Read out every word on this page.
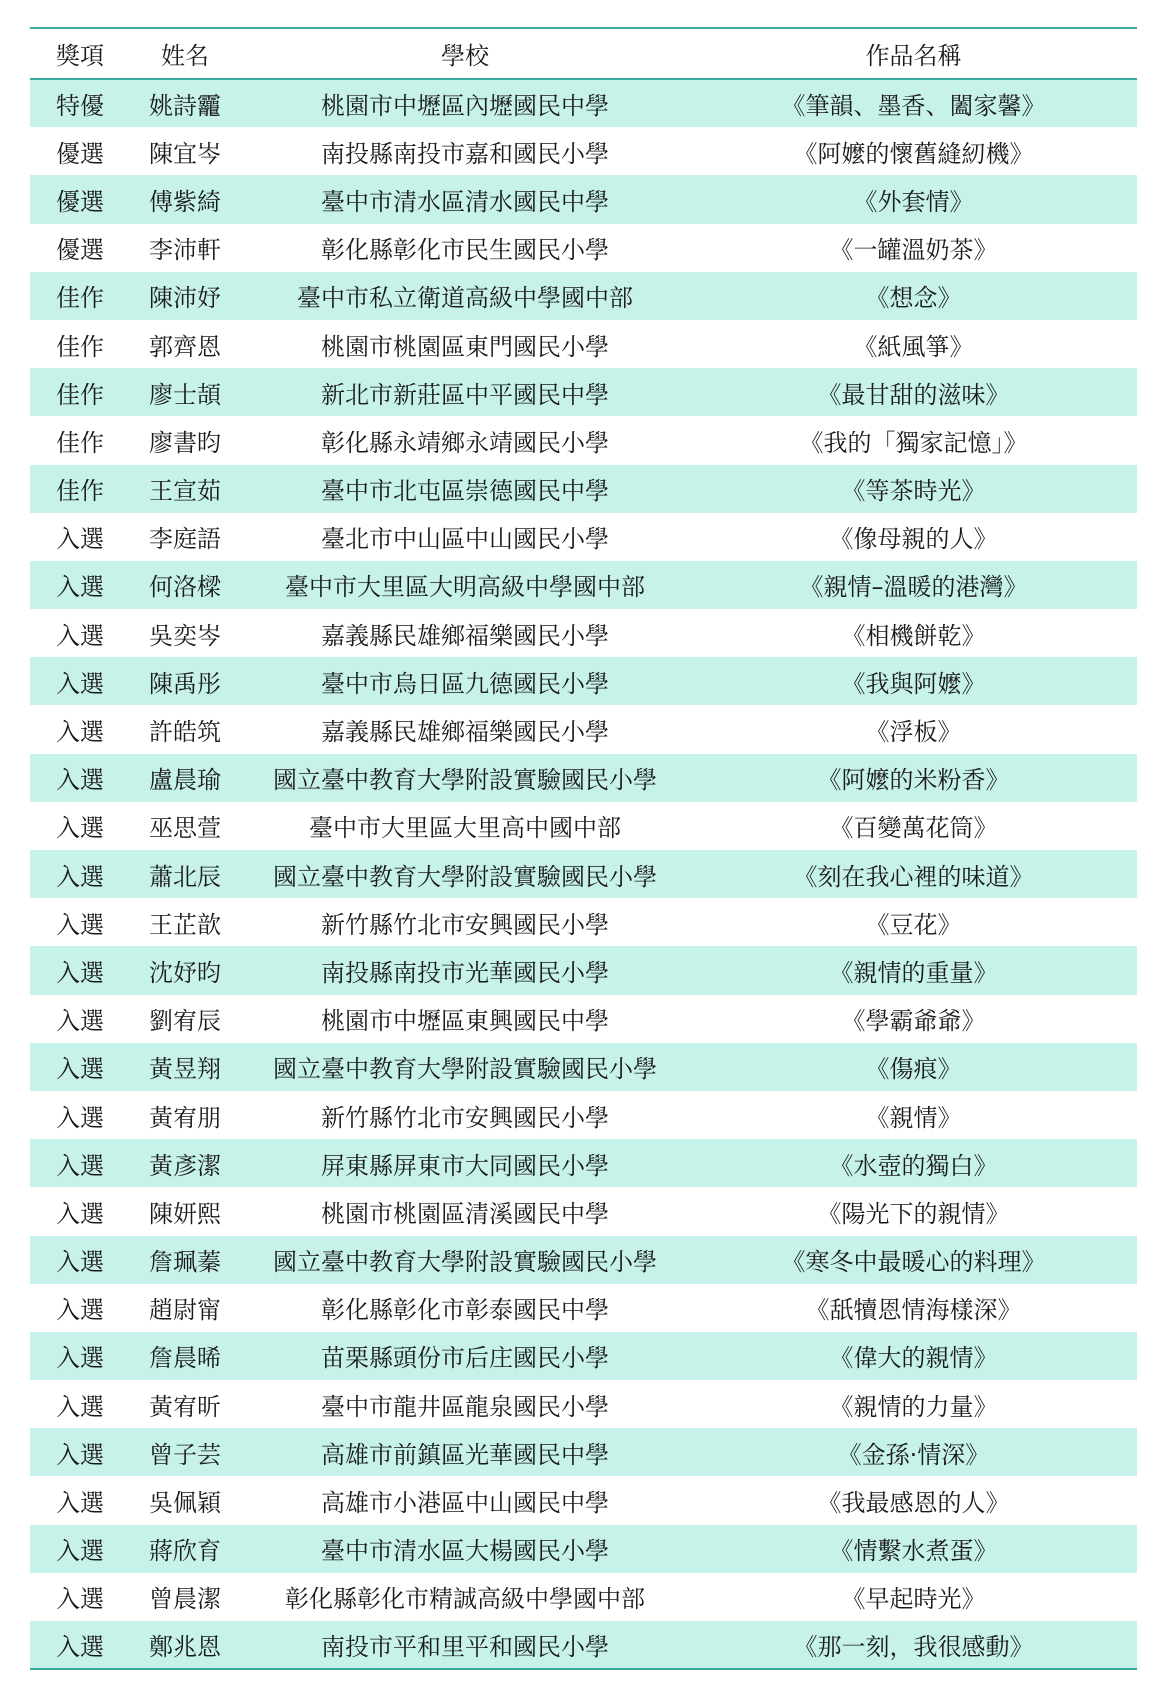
獎項	姓名	學校	作品名稱
特優	姚詩龗	桃園市中壢區內壢國民中學	《筆韻、墨香、闔家馨》
優選	陳宜岑	南投縣南投市嘉和國民小學	《阿嬤的懷舊縫紉機》
優選	傅紫綺	臺中市清水區清水國民中學	《外套情》
優選	李沛軒	彰化縣彰化市民生國民小學	《一罐溫奶茶》
佳作	陳沛妤	臺中市私立衛道高級中學國中部	《想念》
佳作	郭齊恩	桃園市桃園區東門國民小學	《紙風箏》
佳作	廖士頡	新北市新莊區中平國民中學	《最甘甜的滋味》
佳作	廖書昀	彰化縣永靖鄉永靖國民小學	《我的「獨家記憶」》
佳作	王宣茹	臺中市北屯區崇德國民中學	《等茶時光》
入選	李庭語	臺北市中山區中山國民小學	《像母親的人》
入選	何洛樑	臺中市大里區大明高級中學國中部	《親情–溫暖的港灣》
入選	吳奕岑	嘉義縣民雄鄉福樂國民小學	《相機餅乾》
入選	陳禹彤	臺中市烏日區九德國民小學	《我與阿嬤》
入選	許皓筑	嘉義縣民雄鄉福樂國民小學	《浮板》
入選	盧晨瑜	國立臺中教育大學附設實驗國民小學	《阿嬤的米粉香》
入選	巫思萱	臺中市大里區大里高中國中部	《百變萬花筒》
入選	蕭北辰	國立臺中教育大學附設實驗國民小學	《刻在我心裡的味道》
入選	王芷歆	新竹縣竹北市安興國民小學	《豆花》
入選	沈妤昀	南投縣南投市光華國民小學	《親情的重量》
入選	劉宥辰	桃園市中壢區東興國民中學	《學霸爺爺》
入選	黃昱翔	國立臺中教育大學附設實驗國民小學	《傷痕》
入選	黃宥朋	新竹縣竹北市安興國民小學	《親情》
入選	黃彥潔	屏東縣屏東市大同國民小學	《水壺的獨白》
入選	陳妍熙	桃園市桃園區清溪國民中學	《陽光下的親情》
入選	詹珮蓁	國立臺中教育大學附設實驗國民小學	《寒冬中最暖心的料理》
入選	趙尉甯	彰化縣彰化市彰泰國民中學	《舐犢恩情海樣深》
入選	詹晨晞	苗栗縣頭份市后庄國民小學	《偉大的親情》
入選	黃宥昕	臺中市龍井區龍泉國民小學	《親情的力量》
入選	曾子芸	高雄市前鎮區光華國民中學	《金孫·情深》
入選	吳佩穎	高雄市小港區中山國民中學	《我最感恩的人》
入選	蔣欣育	臺中市清水區大楊國民小學	《情繫水煮蛋》
入選	曾晨潔	彰化縣彰化市精誠高級中學國中部	《早起時光》
入選	鄭兆恩	南投市平和里平和國民小學	《那一刻，我很感動》
